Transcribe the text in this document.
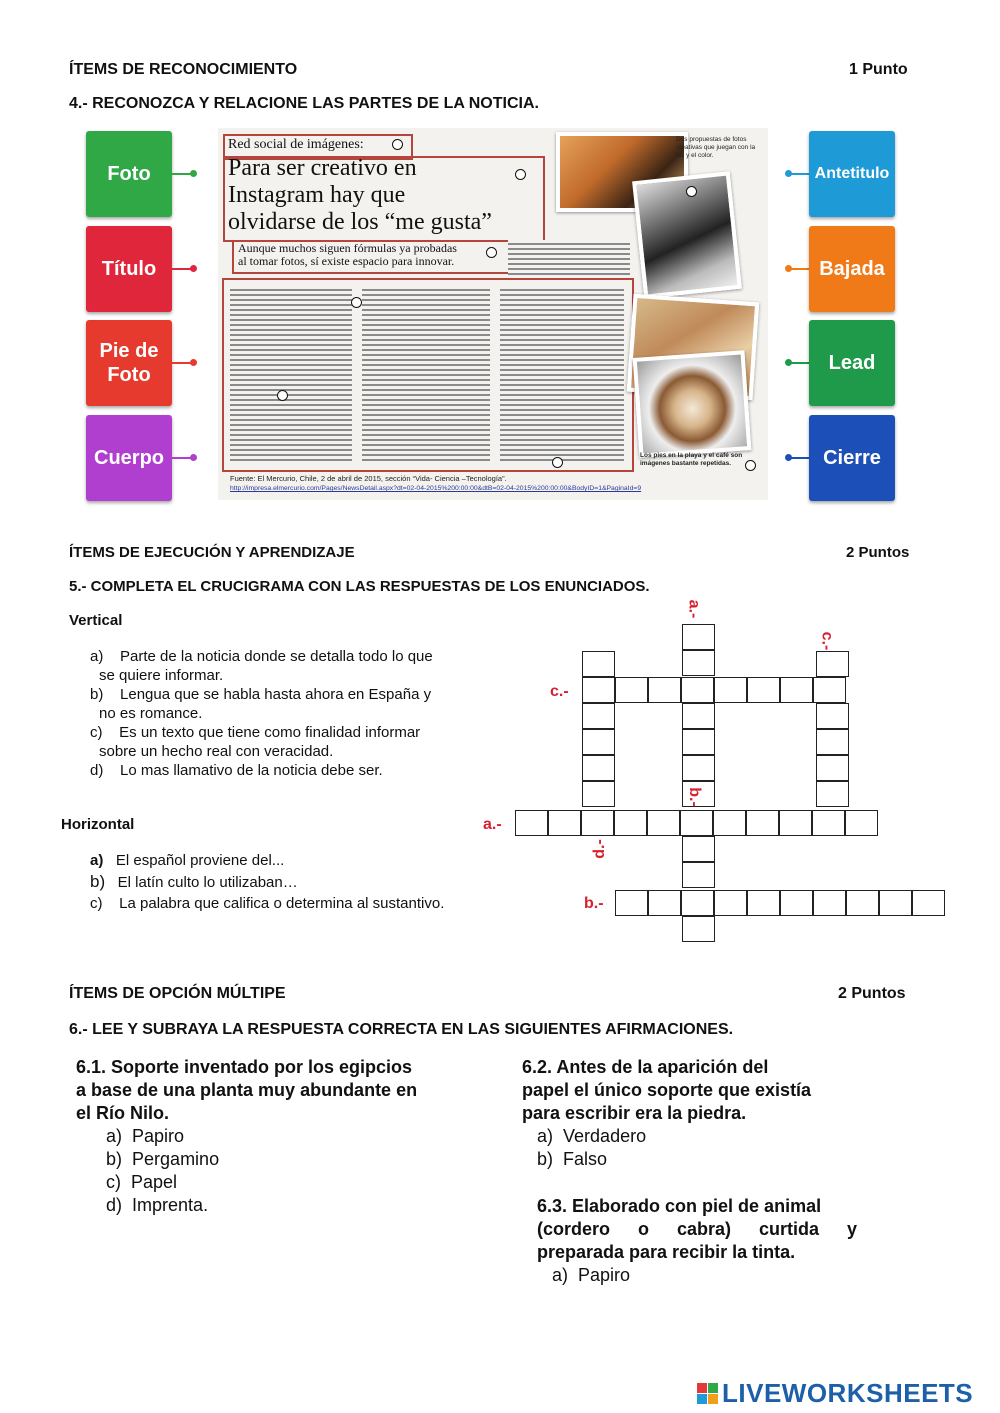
ÍTEMS DE RECONOCIMIENTO	1 Punto
4.- RECONOZCA Y RELACIONE LAS PARTES DE LA NOTICIA.
Foto
Título
Pie de Foto
Cuerpo
Antetitulo
Bajada
Lead
Cierre
Red social de imágenes:
Para ser creativo en
Instagram hay que
olvidarse de los “me gusta”
Aunque muchos siguen fórmulas ya probadas
al tomar fotos, sí existe espacio para innovar.
Dos propuestas de fotos creativas que juegan con la luz y el color.
Los pies en la playa y el café son imágenes bastante repetidas.
Fuente: El Mercurio, Chile, 2 de abril de 2015, sección “Vida- Ciencia –Tecnología”.
http://impresa.elmercurio.com/Pages/NewsDetail.aspx?dt=02-04-2015%200:00:00&dtB=02-04-2015%200:00:00&BodyID=1&PaginaId=9
ÍTEMS DE EJECUCIÓN Y APRENDIZAJE	2 Puntos
5.- COMPLETA EL CRUCIGRAMA CON LAS RESPUESTAS DE LOS ENUNCIADOS.
Vertical
a) Parte de la noticia donde se detalla todo lo que
se quiere informar.
b) Lengua que se habla hasta ahora en España y
no es romance.
c) Es un texto que tiene como finalidad informar
sobre un hecho real con veracidad.
d) Lo mas llamativo de la noticia debe ser.
Horizontal
a) El español proviene del...
b) El latín culto lo utilizaban…
c) La palabra que califica o determina al sustantivo.
a.-
c.-
c.-
b.-
a.-
d.-
b.-
ÍTEMS DE OPCIÓN MÚLTIPE	2 Puntos
6.- LEE Y SUBRAYA LA RESPUESTA CORRECTA EN LAS SIGUIENTES AFIRMACIONES.
6.1. Soporte inventado por los egipcios
a base de una planta muy abundante en
el Río Nilo.
a) Papiro
b) Pergamino
c) Papel
d) Imprenta.
6.2. Antes de la aparición del
papel el único soporte que existía
para escribir era la piedra.
a) Verdadero
b) Falso
6.3. Elaborado con piel de animal
(cordero o cabra) curtida y
preparada para recibir la tinta.
a) Papiro
LIVEWORKSHEETS
